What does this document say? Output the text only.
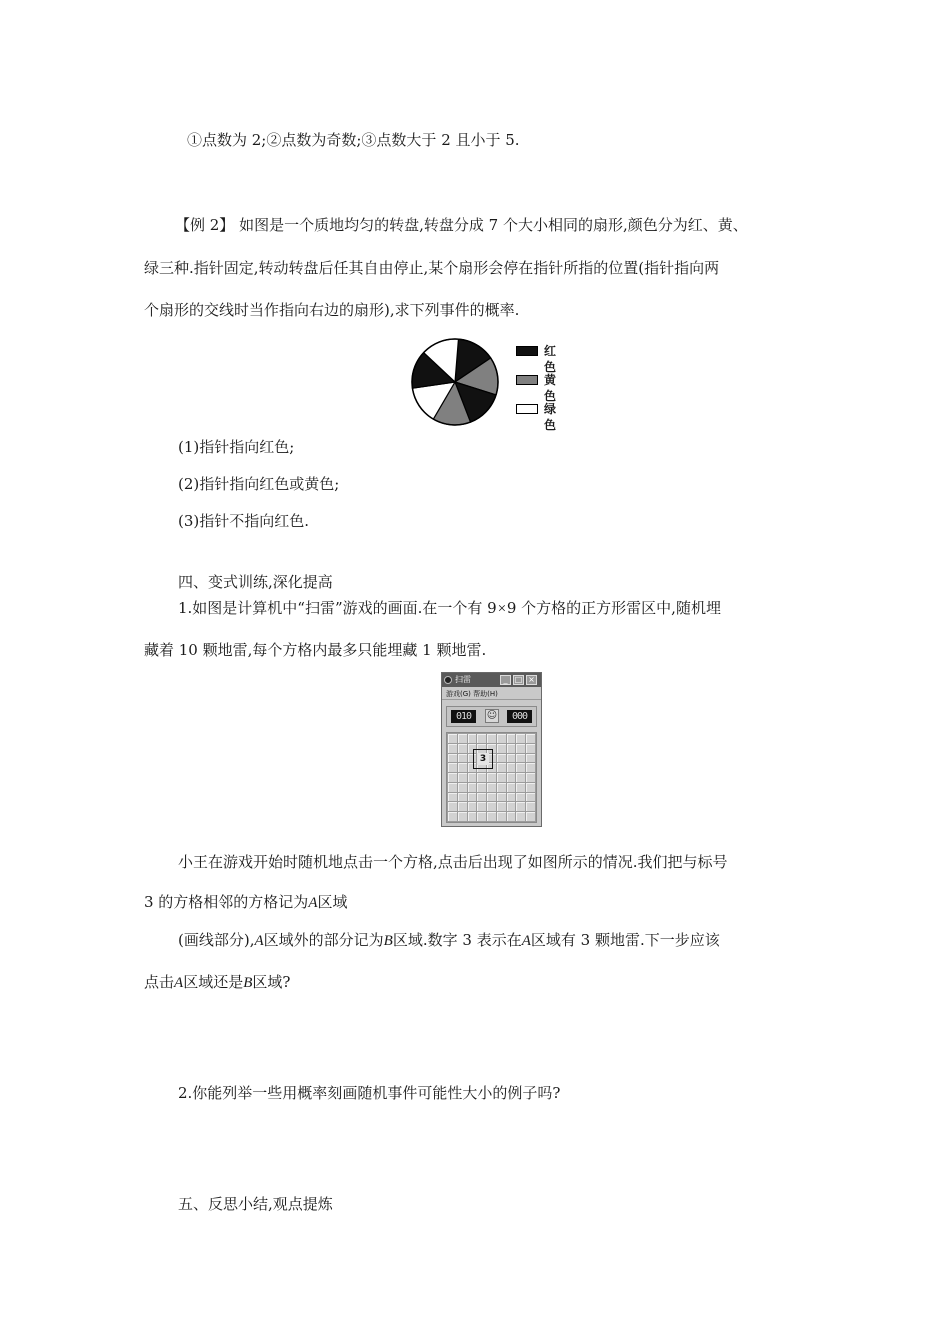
①点数为 2;②点数为奇数;③点数大于 2 且小于 5.
【例 2】 如图是一个质地均匀的转盘,转盘分成 7 个大小相同的扇形,颜色分为红、黄、
绿三种.指针固定,转动转盘后任其自由停止,某个扇形会停在指针所指的位置(指针指向两
个扇形的交线时当作指向右边的扇形),求下列事件的概率.
红色
黄色
绿色
(1)指针指向红色;
(2)指针指向红色或黄色;
(3)指针不指向红色.
四、变式训练,深化提高
1.如图是计算机中“扫雷”游戏的画面.在一个有 9×9 个方格的正方形雷区中,随机埋
藏着 10 颗地雷,每个方格内最多只能埋藏 1 颗地雷.
扫雷	_ □ ×
游戏(G) 帮助(H)
010	☺	000
3
小王在游戏开始时随机地点击一个方格,点击后出现了如图所示的情况.我们把与标号
3 的方格相邻的方格记为A区域
(画线部分),A区域外的部分记为B区域.数字 3 表示在A区域有 3 颗地雷.下一步应该
点击A区域还是B区域?
2.你能列举一些用概率刻画随机事件可能性大小的例子吗?
五、反思小结,观点提炼
